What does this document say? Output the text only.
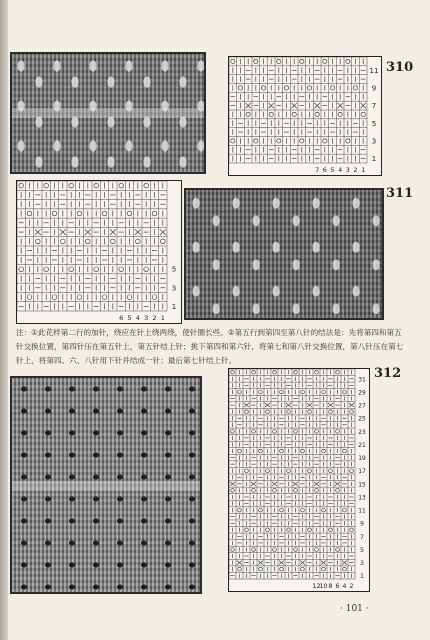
1
3
5
7
9
11
7 6 5 4 3 2 1
310
1
3
5
6 5 4 3 2 1
311

注：①此花样第二行的加针，绕应在针上绕两绕，使针圈长些。②第五行到第四至第八针的结法是：先将第四和第五针交换位置，第四针压在第五针上，第五针结上针；挑下第四和第六针，将第七和第八针交换位置，第八针压在第七针上，将第四、六、八针用下针并结成一针；最后第七针结上针。

1
3
5
7
9
11
13
15
17
19
21
23
25
27
29
31
12
10 8 6 4 2
312
· 101 ·
